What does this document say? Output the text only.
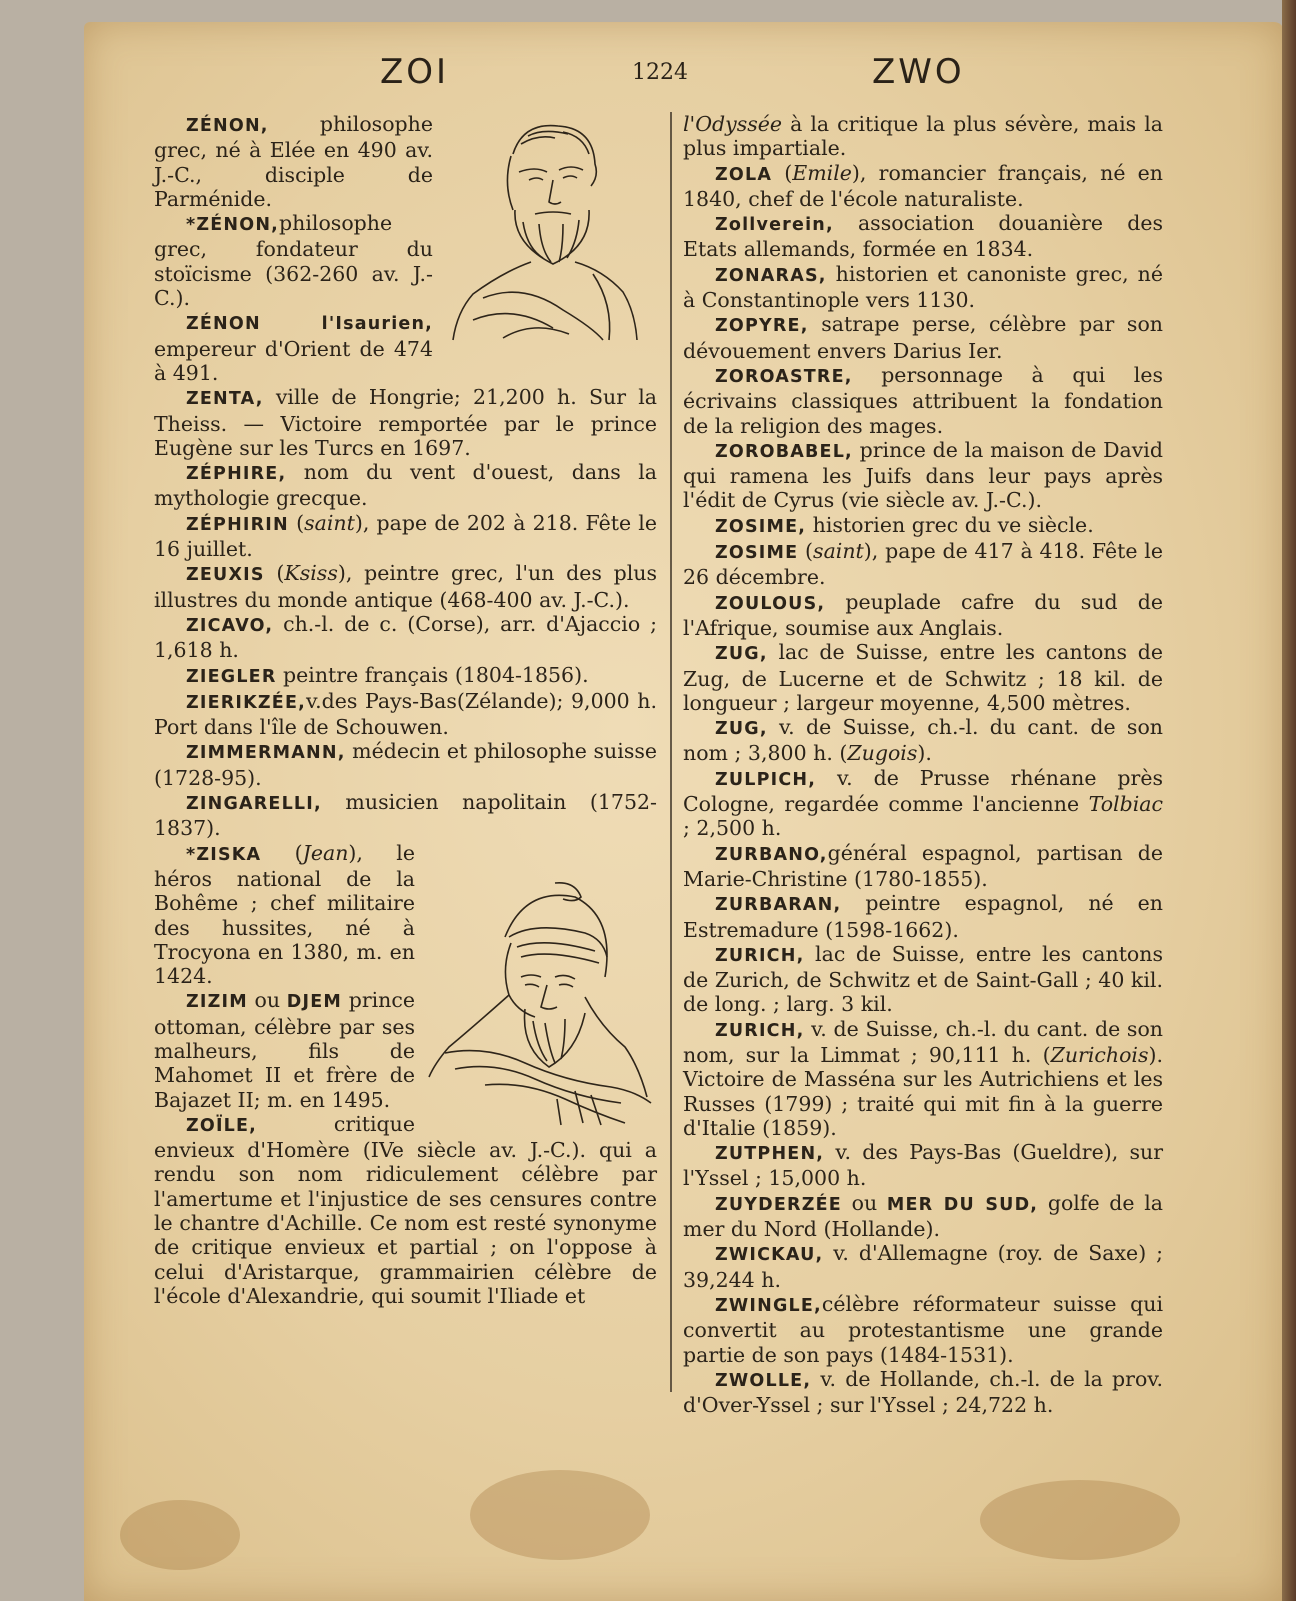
ZOI	1224	ZWO

ZÉNON, philosophe grec, né à Elée en 490 av. J.-C., disciple de Parménide.

*ZÉNON,philosophe grec, fondateur du stoïcisme (362-260 av. J.-C.).

ZÉNON l'Isaurien, empereur d'Orient de 474 à 491.

ZENTA, ville de Hongrie; 21,200 h. Sur la Theiss. — Victoire remportée par le prince Eugène sur les Turcs en 1697.

ZÉPHIRE, nom du vent d'ouest, dans la mythologie grecque.

ZÉPHIRIN (saint), pape de 202 à 218. Fête le 16 juillet.

ZEUXIS (Ksiss), peintre grec, l'un des plus illustres du monde antique (468-400 av. J.-C.).

ZICAVO, ch.-l. de c. (Corse), arr. d'Ajaccio ; 1,618 h.

ZIEGLER peintre français (1804-1856).

ZIERIKZÉE,v.des Pays-Bas(Zélande); 9,000 h. Port dans l'île de Schouwen.

ZIMMERMANN, médecin et philosophe suisse (1728-95).

ZINGARELLI, musicien napolitain (1752-1837).

*ZISKA (Jean), le héros national de la Bohême ; chef militaire des hussites, né à Trocyona en 1380, m. en 1424.

ZIZIM ou DJEM prince ottoman, célèbre par ses malheurs, fils de Mahomet II et frère de Bajazet II; m. en 1495.

ZOÏLE, critique envieux d'Homère (IVe siècle av. J.-C.). qui a rendu son nom ridiculement célèbre par l'amertume et l'injustice de ses censures contre le chantre d'Achille. Ce nom est resté synonyme de critique envieux et partial ; on l'oppose à celui d'Aristarque, grammairien célèbre de l'école d'Alexandrie, qui soumit l'Iliade et

l'Odyssée à la critique la plus sévère, mais la plus impartiale.

ZOLA (Emile), romancier français, né en 1840, chef de l'école naturaliste.

Zollverein, association douanière des Etats allemands, formée en 1834.

ZONARAS, historien et canoniste grec, né à Constantinople vers 1130.

ZOPYRE, satrape perse, célèbre par son dévouement envers Darius Ier.

ZOROASTRE, personnage à qui les écrivains classiques attribuent la fondation de la religion des mages.

ZOROBABEL, prince de la maison de David qui ramena les Juifs dans leur pays après l'édit de Cyrus (vie siècle av. J.-C.).

ZOSIME, historien grec du ve siècle.

ZOSIME (saint), pape de 417 à 418. Fête le 26 décembre.

ZOULOUS, peuplade cafre du sud de l'Afrique, soumise aux Anglais.

ZUG, lac de Suisse, entre les cantons de Zug, de Lucerne et de Schwitz ; 18 kil. de longueur ; largeur moyenne, 4,500 mètres.

ZUG, v. de Suisse, ch.-l. du cant. de son nom ; 3,800 h. (Zugois).

ZULPICH, v. de Prusse rhénane près Cologne, regardée comme l'ancienne Tolbiac ; 2,500 h.

ZURBANO,général espagnol, partisan de Marie-Christine (1780-1855).

ZURBARAN, peintre espagnol, né en Estremadure (1598-1662).

ZURICH, lac de Suisse, entre les cantons de Zurich, de Schwitz et de Saint-Gall ; 40 kil. de long. ; larg. 3 kil.

ZURICH, v. de Suisse, ch.-l. du cant. de son nom, sur la Limmat ; 90,111 h. (Zurichois). Victoire de Masséna sur les Autrichiens et les Russes (1799) ; traité qui mit fin à la guerre d'Italie (1859).

ZUTPHEN, v. des Pays-Bas (Gueldre), sur l'Yssel ; 15,000 h.

ZUYDERZÉE ou MER DU SUD, golfe de la mer du Nord (Hollande).

ZWICKAU, v. d'Allemagne (roy. de Saxe) ; 39,244 h.

ZWINGLE,célèbre réformateur suisse qui convertit au protestantisme une grande partie de son pays (1484-1531).

ZWOLLE, v. de Hollande, ch.-l. de la prov. d'Over-Yssel ; sur l'Yssel ; 24,722 h.
